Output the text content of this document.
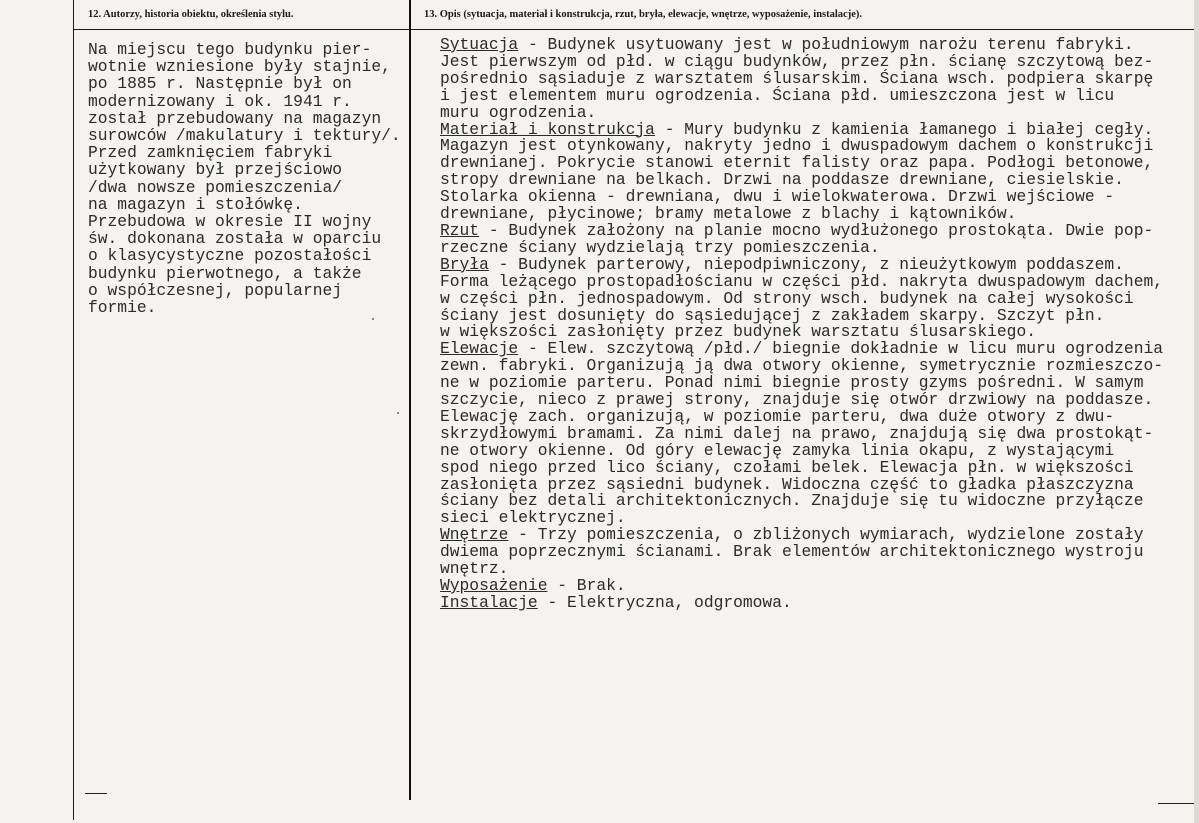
12. Autorzy, historia obiektu, określenia stylu.	13. Opis (sytuacja, materiał i konstrukcja, rzut, bryła, elewacje, wnętrze, wyposażenie, instalacje).
Na miejscu tego budynku pier-
wotnie wzniesione były stajnie,
po 1885 r. Następnie był on
modernizowany i ok. 1941 r.
został przebudowany na magazyn
surowców /makulatury i tektury/.
Przed zamknięciem fabryki
użytkowany był przejściowo
/dwa nowsze pomieszczenia/
na magazyn i stołówkę.
Przebudowa w okresie II wojny
św. dokonana została w oparciu
o klasycystyczne pozostałości
budynku pierwotnego, a także
o współczesnej, popularnej
formie.
Sytuacja - Budynek usytuowany jest w południowym narożu terenu fabryki.
Jest pierwszym od płd. w ciągu budynków, przez płn. ścianę szczytową bez-
pośrednio sąsiaduje z warsztatem ślusarskim. Ściana wsch. podpiera skarpę
i jest elementem muru ogrodzenia. Ściana płd. umieszczona jest w licu
muru ogrodzenia.
Materiał i konstrukcja - Mury budynku z kamienia łamanego i białej cegły.
Magazyn jest otynkowany, nakryty jedno i dwuspadowym dachem o konstrukcji
drewnianej. Pokrycie stanowi eternit falisty oraz papa. Podłogi betonowe,
stropy drewniane na belkach. Drzwi na poddasze drewniane, ciesielskie.
Stolarka okienna - drewniana, dwu i wielokwaterowa. Drzwi wejściowe -
drewniane, płycinowe; bramy metalowe z blachy i kątowników.
Rzut - Budynek założony na planie mocno wydłużonego prostokąta. Dwie pop-
rzeczne ściany wydzielają trzy pomieszczenia.
Bryła - Budynek parterowy, niepodpiwniczony, z nieużytkowym poddaszem.
Forma leżącego prostopadłościanu w części płd. nakryta dwuspadowym dachem,
w części płn. jednospadowym. Od strony wsch. budynek na całej wysokości
ściany jest dosunięty do sąsiedującej z zakładem skarpy. Szczyt płn.
w większości zasłonięty przez budynek warsztatu ślusarskiego.
Elewacje - Elew. szczytową /płd./ biegnie dokładnie w licu muru ogrodzenia
zewn. fabryki. Organizują ją dwa otwory okienne, symetrycznie rozmieszczo-
ne w poziomie parteru. Ponad nimi biegnie prosty gzyms pośredni. W samym
szczycie, nieco z prawej strony, znajduje się otwór drzwiowy na poddasze.
Elewację zach. organizują, w poziomie parteru, dwa duże otwory z dwu-
skrzydłowymi bramami. Za nimi dalej na prawo, znajdują się dwa prostokąt-
ne otwory okienne. Od góry elewację zamyka linia okapu, z wystającymi
spod niego przed lico ściany, czołami belek. Elewacja płn. w większości
zasłonięta przez sąsiedni budynek. Widoczna część to gładka płaszczyzna
ściany bez detali architektonicznych. Znajduje się tu widoczne przyłącze
sieci elektrycznej.
Wnętrze - Trzy pomieszczenia, o zbliżonych wymiarach, wydzielone zostały
dwiema poprzecznymi ścianami. Brak elementów architektonicznego wystroju
wnętrz.
Wyposażenie - Brak.
Instalacje - Elektryczna, odgromowa.
